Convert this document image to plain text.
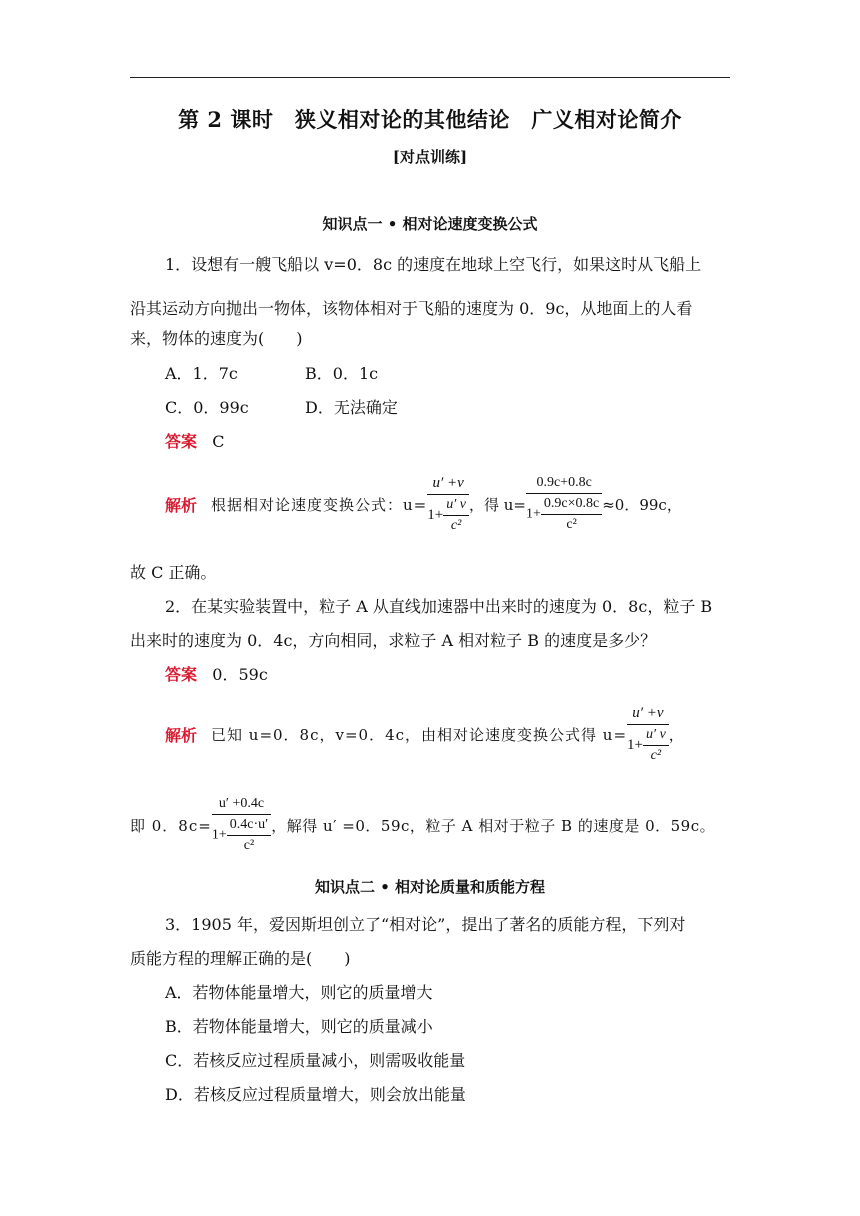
第 2 课时　狭义相对论的其他结论　广义相对论简介
[对点训练]
知识点一 • 相对论速度变换公式
1．设想有一艘飞船以 v=0．8c 的速度在地球上空飞行，如果这时从飞船上
沿其运动方向抛出一物体，该物体相对于飞船的速度为 0．9c，从地面上的人看
来，物体的速度为(　　)
A．1．7c	B．0．1c
C．0．99c	D．无法确定
答案 C
解析 根据相对论速度变换公式：$u= \frac{u' +v}{1+ \frac{u' v}{\text{c²}}}$ ，得 $u= \frac{0.9c+0.8c}{1+ \frac{0.9c\times 0.8c}{\text{c²}}} \approx 0$．99c，
故 C 正确。
2．在某实验装置中，粒子 A 从直线加速器中出来时的速度为 0．8c，粒子 B
出来时的速度为 0．4c，方向相同，求粒子 A 相对粒子 B 的速度是多少？
答案 0．59c
解析 已知 u=0．8c，v=0．4c，由相对论速度变换公式得 $u= \frac{u' +v}{1+ \frac{u' v}{\text{c²}}}$ ，
即 0．$8c= \frac{u' +0.4c}{1+ \frac{0.4c\cdot u'}{\text{c²}}}$ ，解得 u′ =0．59c，粒子 A 相对于粒子 B 的速度是 0．59c。
知识点二 • 相对论质量和质能方程
3．1905 年，爱因斯坦创立了“相对论”，提出了著名的质能方程，下列对
质能方程的理解正确的是(　　)
A．若物体能量增大，则它的质量增大
B．若物体能量增大，则它的质量减小
C．若核反应过程质量减小，则需吸收能量
D．若核反应过程质量增大，则会放出能量
